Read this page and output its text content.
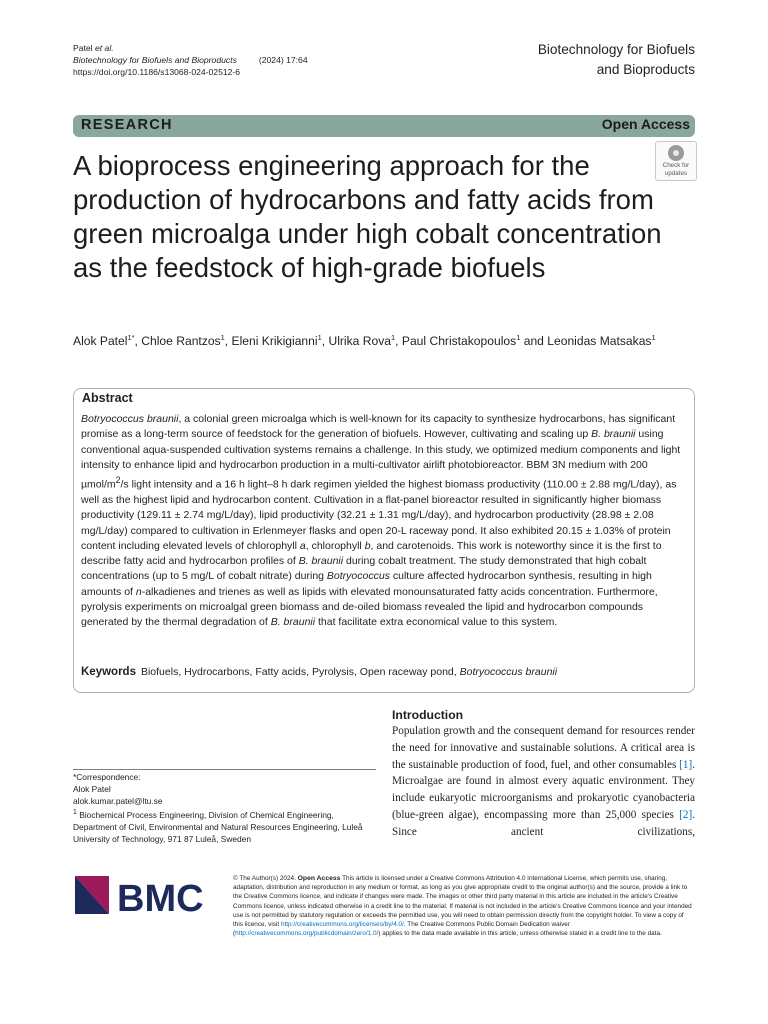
Patel et al.
Biotechnology for Biofuels and Bioproducts	(2024) 17:64
https://doi.org/10.1186/s13068-024-02512-6
Biotechnology for Biofuels
and Bioproducts
RESEARCH	Open Access
Check for
updates
A bioprocess engineering approach for the production of hydrocarbons and fatty acids from green microalga under high cobalt concentration as the feedstock of high-grade biofuels
Alok Patel$^{1*}$, Chloe Rantzos$^1$, Eleni Krikigianni$^1$, Ulrika Rova$^1$, Paul Christakopoulos$^1$ and Leonidas Matsakas$^1$
Abstract

Botryococcus braunii, a colonial green microalga which is well-known for its capacity to synthesize hydrocarbons, has significant promise as a long-term source of feedstock for the generation of biofuels. However, cultivating and scaling up B. braunii using conventional aqua-suspended cultivation systems remains a challenge. In this study, we optimized medium components and light intensity to enhance lipid and hydrocarbon production in a multi-cultivator airlift photobioreactor. BBM 3N medium with 200 µmol/$m^2/s$ light intensity and a 16 h light–8 h dark regimen yielded the highest biomass productivity (110.00 ± 2.88 mg/L/day), as well as the highest lipid and hydrocarbon content. Cultivation in a flat-panel bioreactor resulted in significantly higher biomass productivity (129.11 ± 2.74 mg/L/day), lipid productivity (32.21 ± 1.31 mg/L/day), and hydrocarbon productivity (28.98 ± 2.08 mg/L/day) compared to cultivation in Erlenmeyer flasks and open 20-L raceway pond. It also exhibited 20.15 ± 1.03% of protein content including elevated levels of chlorophyll a, chlorophyll b, and carotenoids. This work is noteworthy since it is the first to describe fatty acid and hydrocarbon profiles of B. braunii during cobalt treatment. The study demonstrated that high cobalt concentrations (up to 5 mg/L of cobalt nitrate) during Botryococcus culture affected hydrocarbon synthesis, resulting in high amounts of n-alkadienes and trienes as well as lipids with elevated monounsaturated fatty acids concentration. Furthermore, pyrolysis experiments on microalgal green biomass and de-oiled biomass revealed the lipid and hydrocarbon compounds generated by the thermal degradation of B. braunii that facilitate extra economical value to this system.

Keywords Biofuels, Hydrocarbons, Fatty acids, Pyrolysis, Open raceway pond, Botryococcus braunii
Introduction

Population growth and the consequent demand for resources render the need for innovative and sustainable solutions. A critical area is the sustainable production of food, fuel, and other consumables [1]. Microalgae are found in almost every aquatic environment. They include eukaryotic microorganisms and prokaryotic cyanobacteria (blue-green algae), encompassing more than 25,000 species [2]. Since ancient civilizations,

*Correspondence:

Alok Patel

alok.kumar.patel@ltu.se

$^1$ Biochemical Process Engineering, Division of Chemical Engineering, Department of Civil, Environmental and Natural Resources Engineering, Luleå University of Technology, 971 87 Luleå, Sweden

BMC	© The Author(s) 2024. Open Access This article is licensed under a Creative Commons Attribution 4.0 International License, which permits use, sharing, adaptation, distribution and reproduction in any medium or format, as long as you give appropriate credit to the original author(s) and the source, provide a link to the Creative Commons licence, and indicate if changes were made. The images or other third party material in this article are included in the article's Creative Commons licence, unless indicated otherwise in a credit line to the material. If material is not included in the article's Creative Commons licence and your intended use is not permitted by statutory regulation or exceeds the permitted use, you will need to obtain permission directly from the copyright holder. To view a copy of this licence, visit http://creativecommons.org/licenses/by/4.0/. The Creative Commons Public Domain Dedication waiver (http://creativecommons.org/publicdomain/zero/1.0/) applies to the data made available in this article, unless otherwise stated in a credit line to the data.
